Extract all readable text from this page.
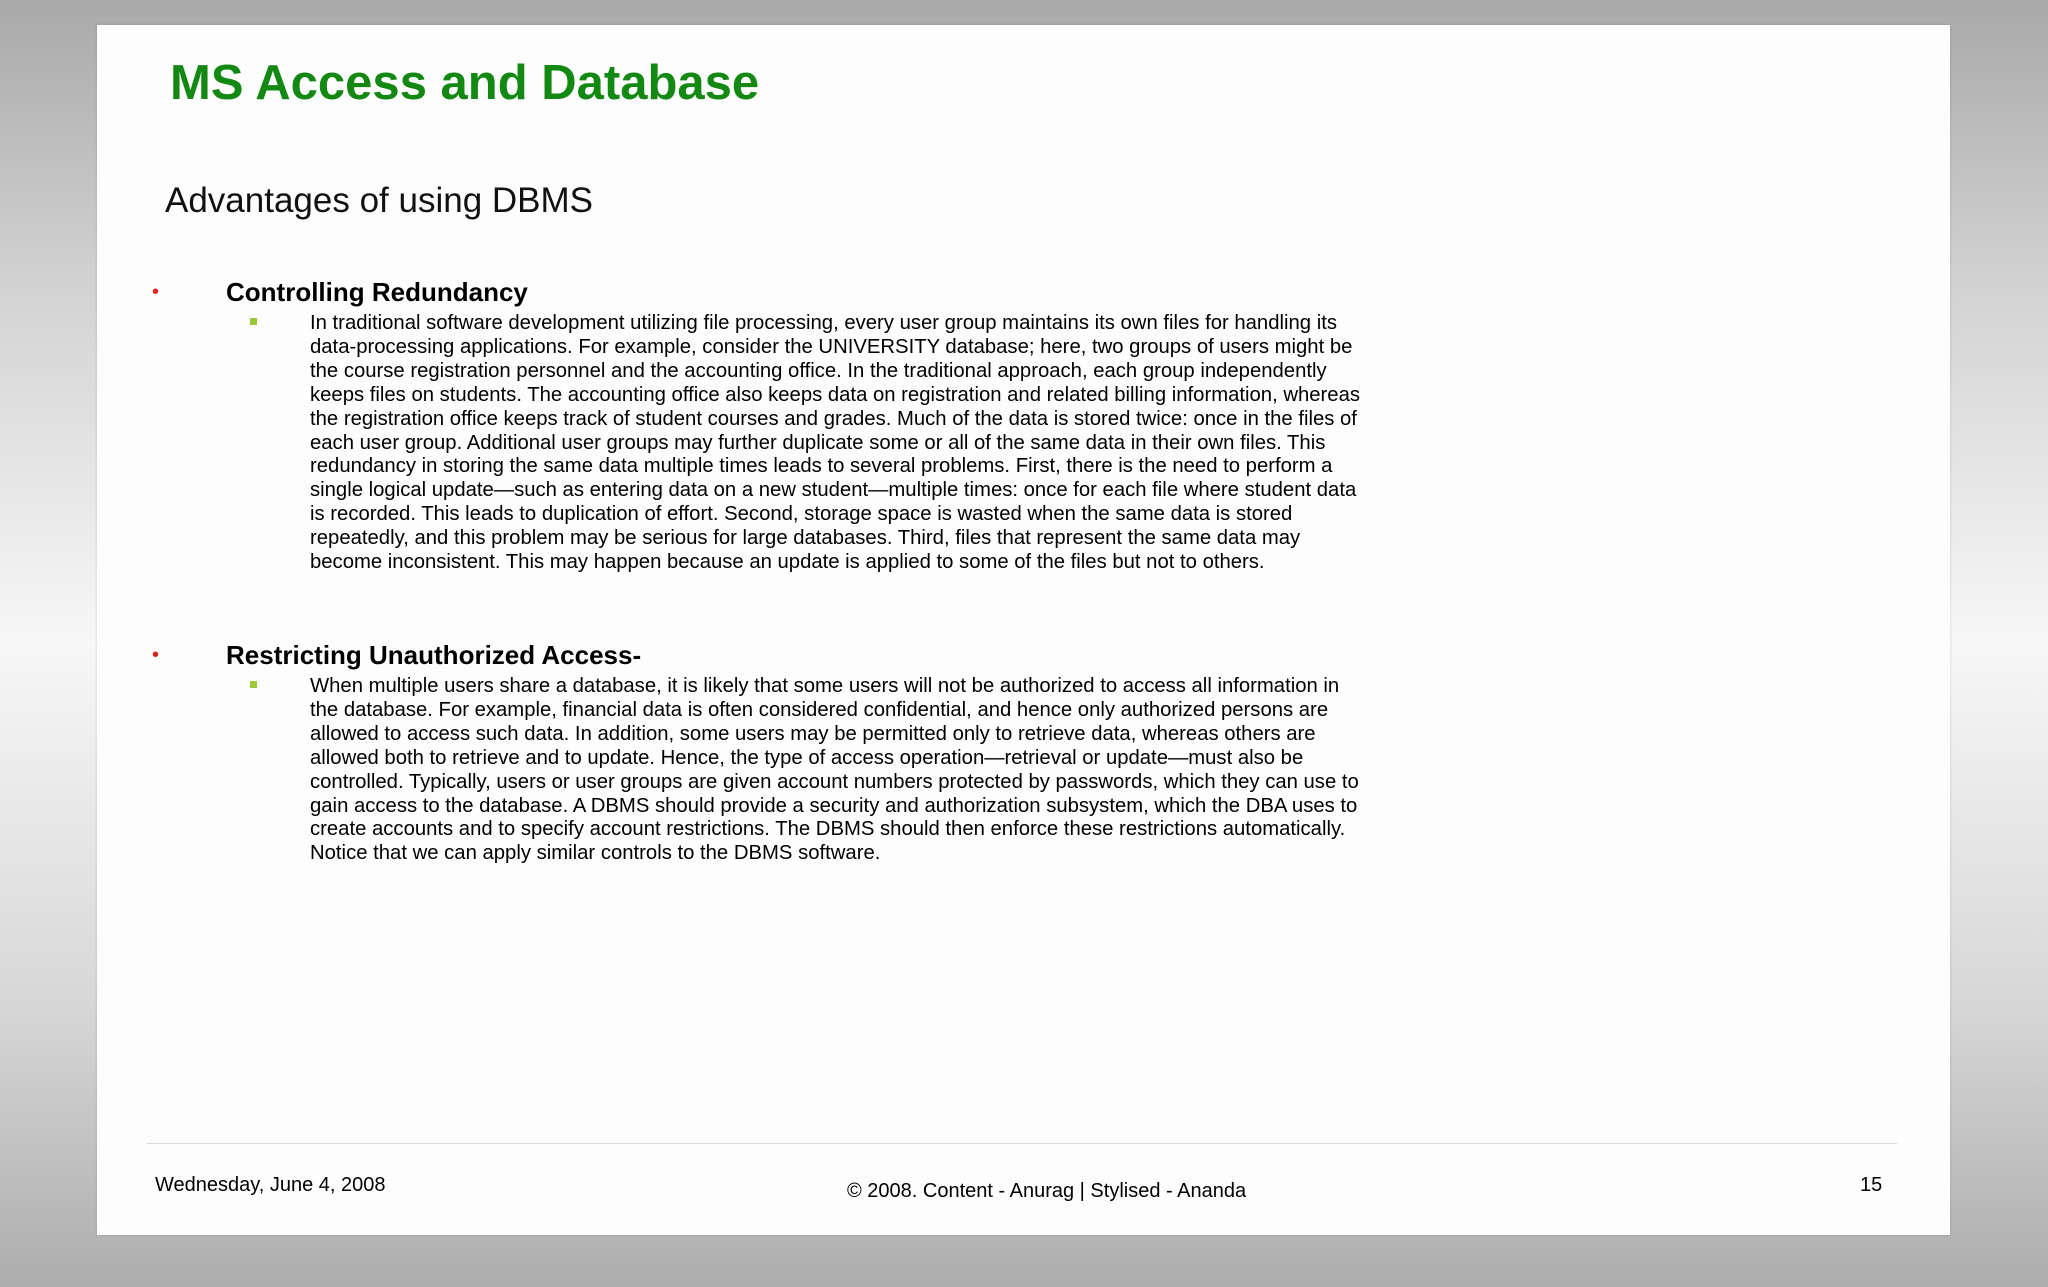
MS Access and Database
Advantages of using DBMS
•	Controlling Redundancy

In traditional software development utilizing file processing, every user group maintains its own files for handling its data-processing applications. For example, consider the UNIVERSITY database; here, two groups of users might be the course registration personnel and the accounting office. In the traditional approach, each group independently keeps files on students. The accounting office also keeps data on registration and related billing information, whereas the registration office keeps track of student courses and grades. Much of the data is stored twice: once in the files of each user group. Additional user groups may further duplicate some or all of the same data in their own files. This redundancy in storing the same data multiple times leads to several problems. First, there is the need to perform a single logical update—such as entering data on a new student—multiple times: once for each file where student data is recorded. This leads to duplication of effort. Second, storage space is wasted when the same data is stored repeatedly, and this problem may be serious for large databases. Third, files that represent the same data may become inconsistent. This may happen because an update is applied to some of the files but not to others.

•	Restricting Unauthorized Access-

When multiple users share a database, it is likely that some users will not be authorized to access all information in the database. For example, financial data is often considered confidential, and hence only authorized persons are allowed to access such data. In addition, some users may be permitted only to retrieve data, whereas others are allowed both to retrieve and to update. Hence, the type of access operation—retrieval or update—must also be controlled. Typically, users or user groups are given account numbers protected by passwords, which they can use to gain access to the database. A DBMS should provide a security and authorization subsystem, which the DBA uses to create accounts and to specify account restrictions. The DBMS should then enforce these restrictions automatically. Notice that we can apply similar controls to the DBMS software.

Wednesday, June 4, 2008	© 2008. Content - Anurag | Stylised - Ananda	15
